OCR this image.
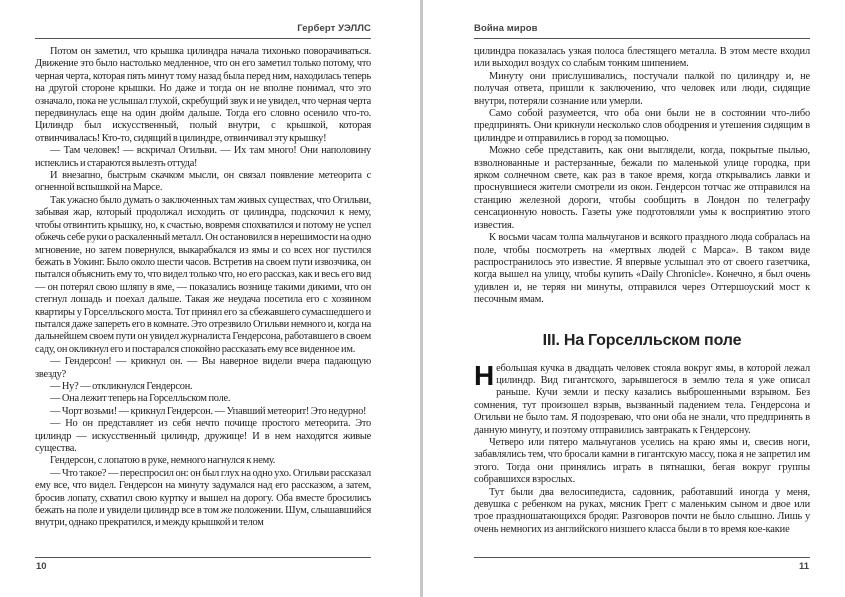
Герберт УЭЛЛС

Потом он заметил, что крышка цилиндра начала тихонько поворачиваться. Движение это было настолько медленное, что он его заметил только потому, что черная черта, которая пять минут тому назад была перед ним, находилась теперь на другой стороне крышки. Но даже и тогда он не вполне понимал, что это означало, пока не услышал глухой, скребущий звук и не увидел, что черная черта передвинулась еще на один дюйм дальше. Тогда его словно осенило что-то. Цилиндр был искусственный, полый внутри, с крышкой, которая отвинчивалась! Кто-то, сидящий в цилиндре, отвинчивал эту крышку!

— Там человек! — вскричал Огильви. — Их там много! Они наполовину испеклись и стараются вылезть оттуда!

И внезапно, быстрым скачком мысли, он связал появление метеорита с огненной вспышкой на Марсе.

Так ужасно было думать о заключенных там живых существах, что Огильви, забывая жар, который продолжал исходить от цилиндра, подскочил к нему, чтобы отвинтить крышку, но, к счастью, вовремя спохватился и потому не успел обжечь себе руки о раскаленный металл. Он остановился в нерешимости на одно мгновение, но затем повернулся, выкарабкался из ямы и со всех ног пустился бежать в Уокинг. Было около шести часов. Встретив на своем пути извозчика, он пытался объяснить ему то, что видел только что, но его рассказ, как и весь его вид — он потерял свою шляпу в яме, — показались вознице такими дикими, что он стегнул лошадь и поехал дальше. Такая же неудача посетила его с хозяином квартиры у Горселльского моста. Тот принял его за сбежавшего сумасшедшего и пытался даже запереть его в комнате. Это отрезвило Огильви немного и, когда на дальнейшем своем пути он увидел журналиста Гендерсона, работавшего в своем саду, он окликнул его и постарался спокойно рассказать ему все виденное им.

— Гендерсон! — крикнул он. — Вы наверное видели вчера падающую звезду?

— Ну? — откликнулся Гендерсон.

— Она лежит теперь на Горселльском поле.

— Чорт возьми! — крикнул Гендерсон. — Упавший метеорит! Это недурно!

— Но он представляет из себя нечто почище простого метеорита. Это цилиндр — искусственный цилиндр, дружище! И в нем находятся живые существа.

Гендерсон, с лопатою в руке, немного нагнулся к нему.

— Что такое? — переспросил он: он был глух на одно ухо. Огильви рассказал ему все, что видел. Гендерсон на минуту задумался над его рассказом, а затем, бросив лопату, схватил свою куртку и вышел на дорогу. Оба вместе бросились бежать на поле и увидели цилиндр все в том же положении. Шум, слышавшийся внутри, однако прекратился, и между крышкой и телом

10
Война миров

цилиндра показалась узкая полоса блестящего металла. В этом месте входил или выходил воздух со слабым тонким шипением.

Минуту они прислушивались, постучали палкой по цилиндру и, не получая ответа, пришли к заключению, что человек или люди, сидящие внутри, потеряли сознание или умерли.

Само собой разумеется, что оба они были не в состоянии что-либо предпринять. Они крикнули несколько слов ободрения и утешения сидящим в цилиндре и отправились в город за помощью.

Можно себе представить, как они выглядели, когда, покрытые пылью, взволнованные и растерзанные, бежали по маленькой улице городка, при ярком солнечном свете, как раз в такое время, когда открывались лавки и проснувшиеся жители смотрели из окон. Гендерсон тотчас же отправился на станцию железной дороги, чтобы сообщить в Лондон по телеграфу сенсационную новость. Газеты уже подготовляли умы к восприятию этого известия.

К восьми часам толпа мальчуганов и всякого праздного люда собралась на поле, чтобы посмотреть на «мертвых людей с Марса». В таком виде распространилось это известие. Я впервые услышал это от своего газетчика, когда вышел на улицу, чтобы купить «Daily Chronicle». Конечно, я был очень удивлен и, не теряя ни минуты, отправился через Оттершоуский мост к песочным ямам.

III. На Горселльском поле

Небольшая кучка в двадцать человек стояла вокруг ямы, в которой лежал цилиндр. Вид гигантского, зарывшегося в землю тела я уже описал раньше. Кучи земли и песку казались выброшенными взрывом. Без сомнения, тут произошел взрыв, вызванный падением тела. Гендерсона и Огильви не было там. Я подозреваю, что они оба не знали, что предпринять в данную минуту, и поэтому отправились завтракать к Гендерсону.

Четверо или пятеро мальчуганов уселись на краю ямы и, свесив ноги, забавлялись тем, что бросали камни в гигантскую массу, пока я не запретил им этого. Тогда они принялись играть в пятнашки, бегая вокруг группы собравшихся взрослых.

Тут были два велосипедиста, садовник, работавший иногда у меня, девушка с ребенком на руках, мясник Грегг с маленьким сыном и двое или трое праздношатающихся бродяг. Разговоров почти не было слышно. Лишь у очень немногих из английского низшего класса были в то время кое-какие

11
